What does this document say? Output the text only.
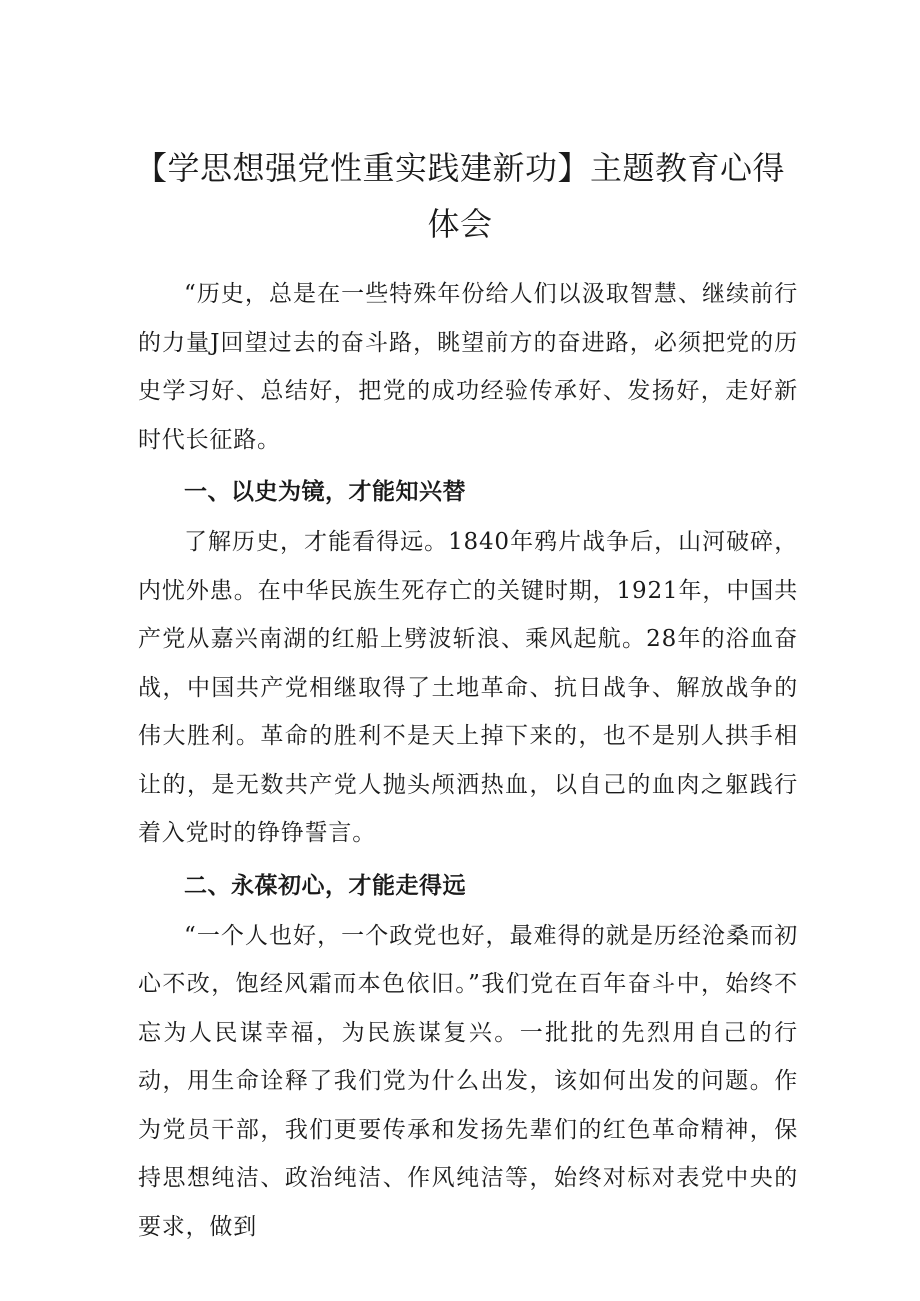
【学思想强党性重实践建新功】主题教育心得
体会

“历史，总是在一些特殊年份给人们以汲取智慧、继续前行的力量J回望过去的奋斗路，眺望前方的奋进路，必须把党的历史学习好、总结好，把党的成功经验传承好、发扬好，走好新时代长征路。

一、以史为镜，才能知兴替

了解历史，才能看得远。1840年鸦片战争后，山河破碎，内忧外患。在中华民族生死存亡的关键时期，1921年，中国共产党从嘉兴南湖的红船上劈波斩浪、乘风起航。28年的浴血奋战，中国共产党相继取得了土地革命、抗日战争、解放战争的伟大胜利。革命的胜利不是天上掉下来的，也不是别人拱手相让的，是无数共产党人抛头颅洒热血，以自己的血肉之躯践行着入党时的铮铮誓言。

二、永葆初心，才能走得远

“一个人也好，一个政党也好，最难得的就是历经沧桑而初心不改，饱经风霜而本色依旧。”我们党在百年奋斗中，始终不忘为人民谋幸福，为民族谋复兴。一批批的先烈用自己的行动，用生命诠释了我们党为什么出发，该如何出发的问题。作为党员干部，我们更要传承和发扬先辈们的红色革命精神，保持思想纯洁、政治纯洁、作风纯洁等，始终对标对表党中央的要求，做到
